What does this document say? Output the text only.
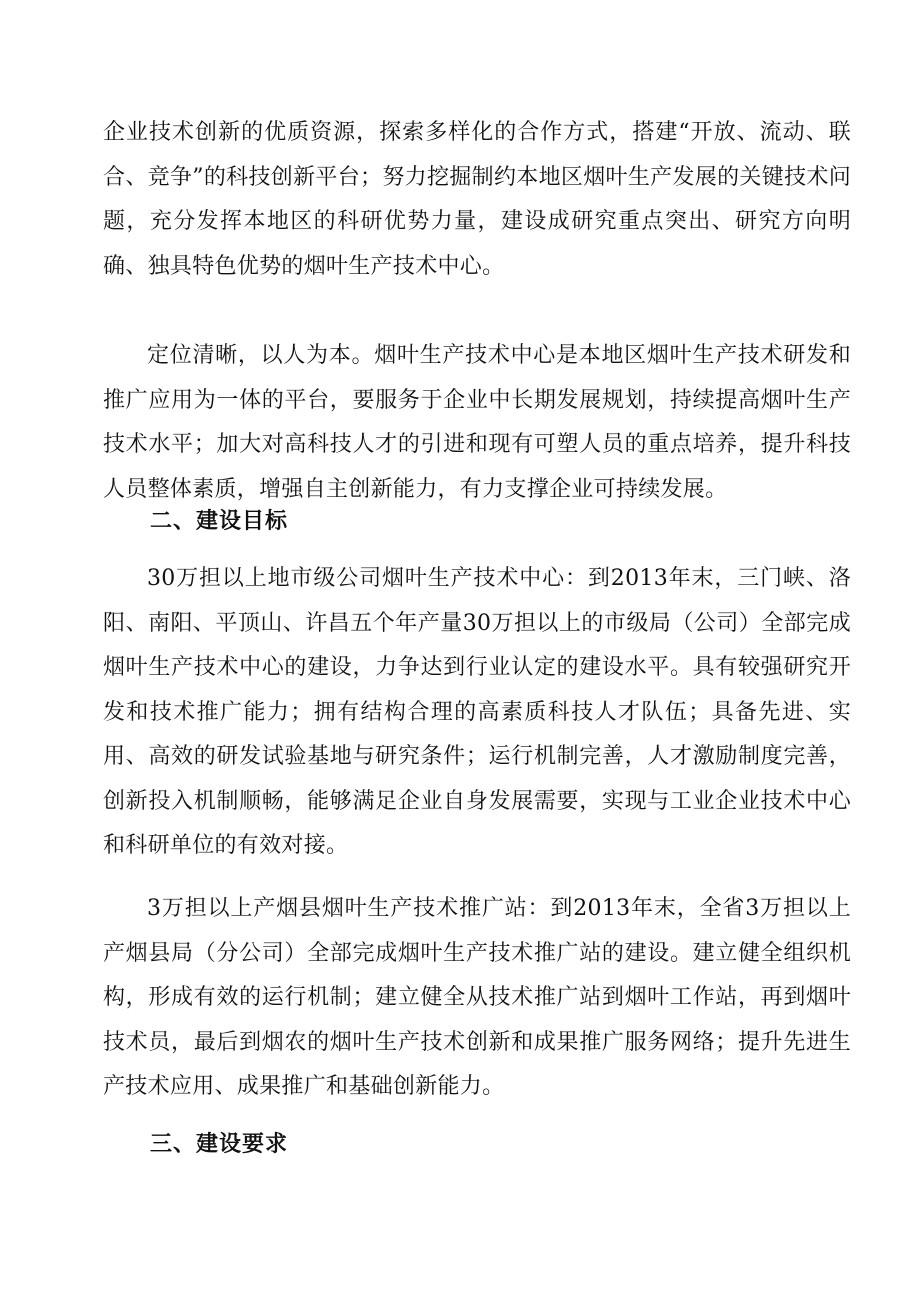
企业技术创新的优质资源，探索多样化的合作方式，搭建“开放、流动、联合、竞争”的科技创新平台；努力挖掘制约本地区烟叶生产发展的关键技术问题，充分发挥本地区的科研优势力量，建设成研究重点突出、研究方向明确、独具特色优势的烟叶生产技术中心。

定位清晰，以人为本。烟叶生产技术中心是本地区烟叶生产技术研发和推广应用为一体的平台，要服务于企业中长期发展规划，持续提高烟叶生产技术水平；加大对高科技人才的引进和现有可塑人员的重点培养，提升科技人员整体素质，增强自主创新能力，有力支撑企业可持续发展。

二、建设目标

30万担以上地市级公司烟叶生产技术中心：到2013年末，三门峡、洛阳、南阳、平顶山、许昌五个年产量30万担以上的市级局（公司）全部完成烟叶生产技术中心的建设，力争达到行业认定的建设水平。具有较强研究开发和技术推广能力；拥有结构合理的高素质科技人才队伍；具备先进、实用、高效的研发试验基地与研究条件；运行机制完善，人才激励制度完善，创新投入机制顺畅，能够满足企业自身发展需要，实现与工业企业技术中心和科研单位的有效对接。

3万担以上产烟县烟叶生产技术推广站：到2013年末，全省3万担以上产烟县局（分公司）全部完成烟叶生产技术推广站的建设。建立健全组织机构，形成有效的运行机制；建立健全从技术推广站到烟叶工作站，再到烟叶技术员，最后到烟农的烟叶生产技术创新和成果推广服务网络；提升先进生产技术应用、成果推广和基础创新能力。

三、建设要求
